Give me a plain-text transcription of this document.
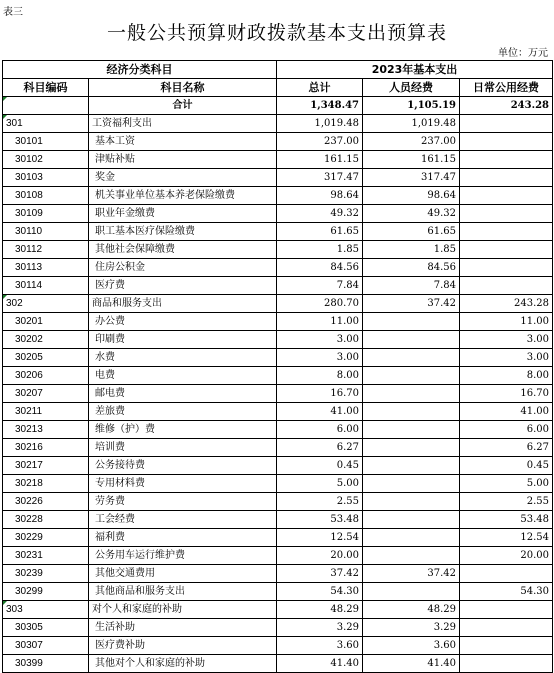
表三
一般公共预算财政拨款基本支出预算表
单位：万元
经济分类科目		2023年基本支出		
科目编码	科目名称	总计	人员经费	日常公用经费
	合计	1,348.47	1,105.19	243.28
301	工资福利支出	1,019.48	1,019.48	
30101	基本工资	237.00	237.00	
30102	津贴补贴	161.15	161.15	
30103	奖金	317.47	317.47	
30108	机关事业单位基本养老保险缴费	98.64	98.64	
30109	职业年金缴费	49.32	49.32	
30110	职工基本医疗保险缴费	61.65	61.65	
30112	其他社会保障缴费	1.85	1.85	
30113	住房公积金	84.56	84.56	
30114	医疗费	7.84	7.84	
302	商品和服务支出	280.70	37.42	243.28
30201	办公费	11.00		11.00
30202	印刷费	3.00		3.00
30205	水费	3.00		3.00
30206	电费	8.00		8.00
30207	邮电费	16.70		16.70
30211	差旅费	41.00		41.00
30213	维修（护）费	6.00		6.00
30216	培训费	6.27		6.27
30217	公务接待费	0.45		0.45
30218	专用材料费	5.00		5.00
30226	劳务费	2.55		2.55
30228	工会经费	53.48		53.48
30229	福利费	12.54		12.54
30231	公务用车运行维护费	20.00		20.00
30239	其他交通费用	37.42	37.42	
30299	其他商品和服务支出	54.30		54.30
303	对个人和家庭的补助	48.29	48.29	
30305	生活补助	3.29	3.29	
30307	医疗费补助	3.60	3.60	
30399	其他对个人和家庭的补助	41.40	41.40	
